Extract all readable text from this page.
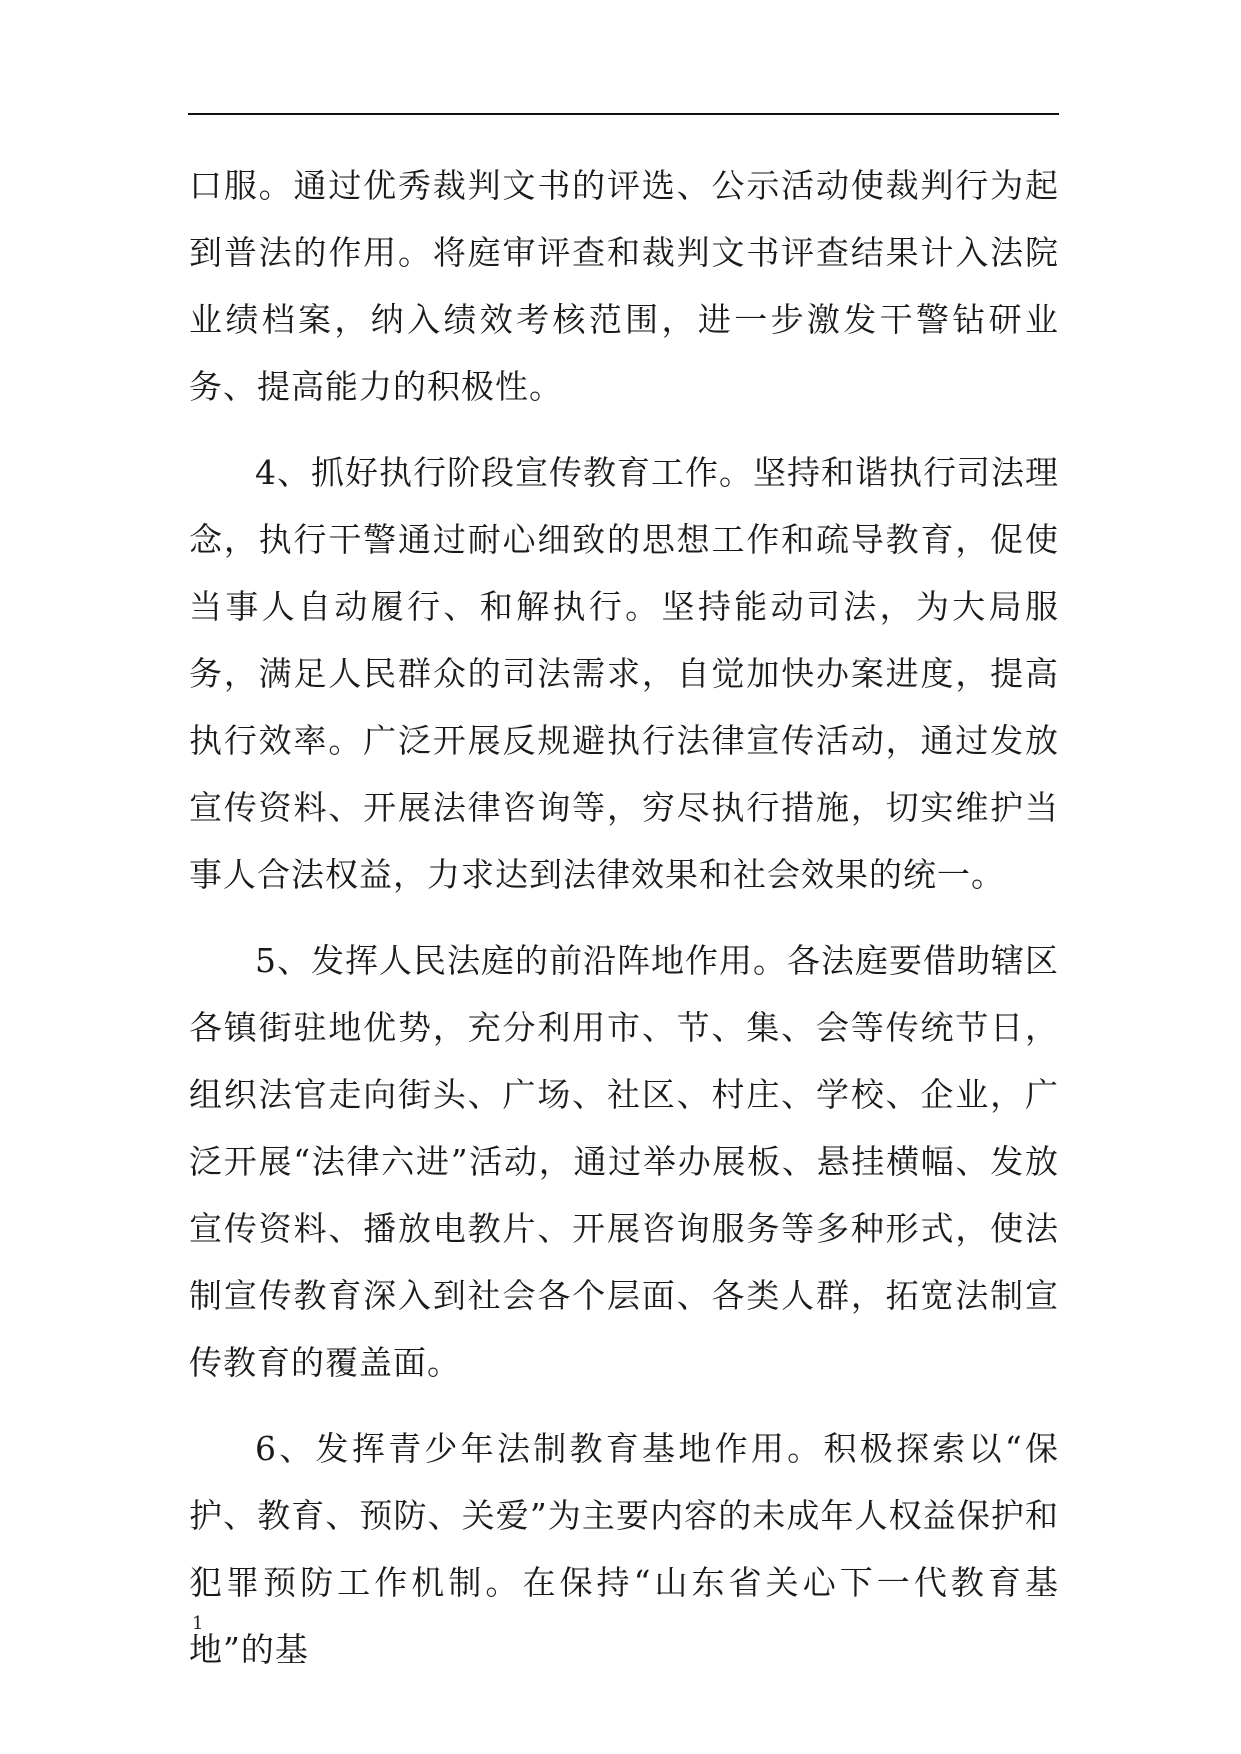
口服。通过优秀裁判文书的评选、公示活动使裁判行为起到普法的作用。将庭审评查和裁判文书评查结果计入法院业绩档案，纳入绩效考核范围，进一步激发干警钻研业务、提高能力的积极性。

4、抓好执行阶段宣传教育工作。坚持和谐执行司法理念，执行干警通过耐心细致的思想工作和疏导教育，促使当事人自动履行、和解执行。坚持能动司法，为大局服务，满足人民群众的司法需求，自觉加快办案进度，提高执行效率。广泛开展反规避执行法律宣传活动，通过发放宣传资料、开展法律咨询等，穷尽执行措施，切实维护当事人合法权益，力求达到法律效果和社会效果的统一。

5、发挥人民法庭的前沿阵地作用。各法庭要借助辖区各镇街驻地优势，充分利用市、节、集、会等传统节日，组织法官走向街头、广场、社区、村庄、学校、企业，广泛开展“法律六进”活动，通过举办展板、悬挂横幅、发放宣传资料、播放电教片、开展咨询服务等多种形式，使法制宣传教育深入到社会各个层面、各类人群，拓宽法制宣传教育的覆盖面。

6、发挥青少年法制教育基地作用。积极探索以“保护、教育、预防、关爱”为主要内容的未成年人权益保护和犯罪预防工作机制。在保持“山东省关心下一代教育基地”的基

1
